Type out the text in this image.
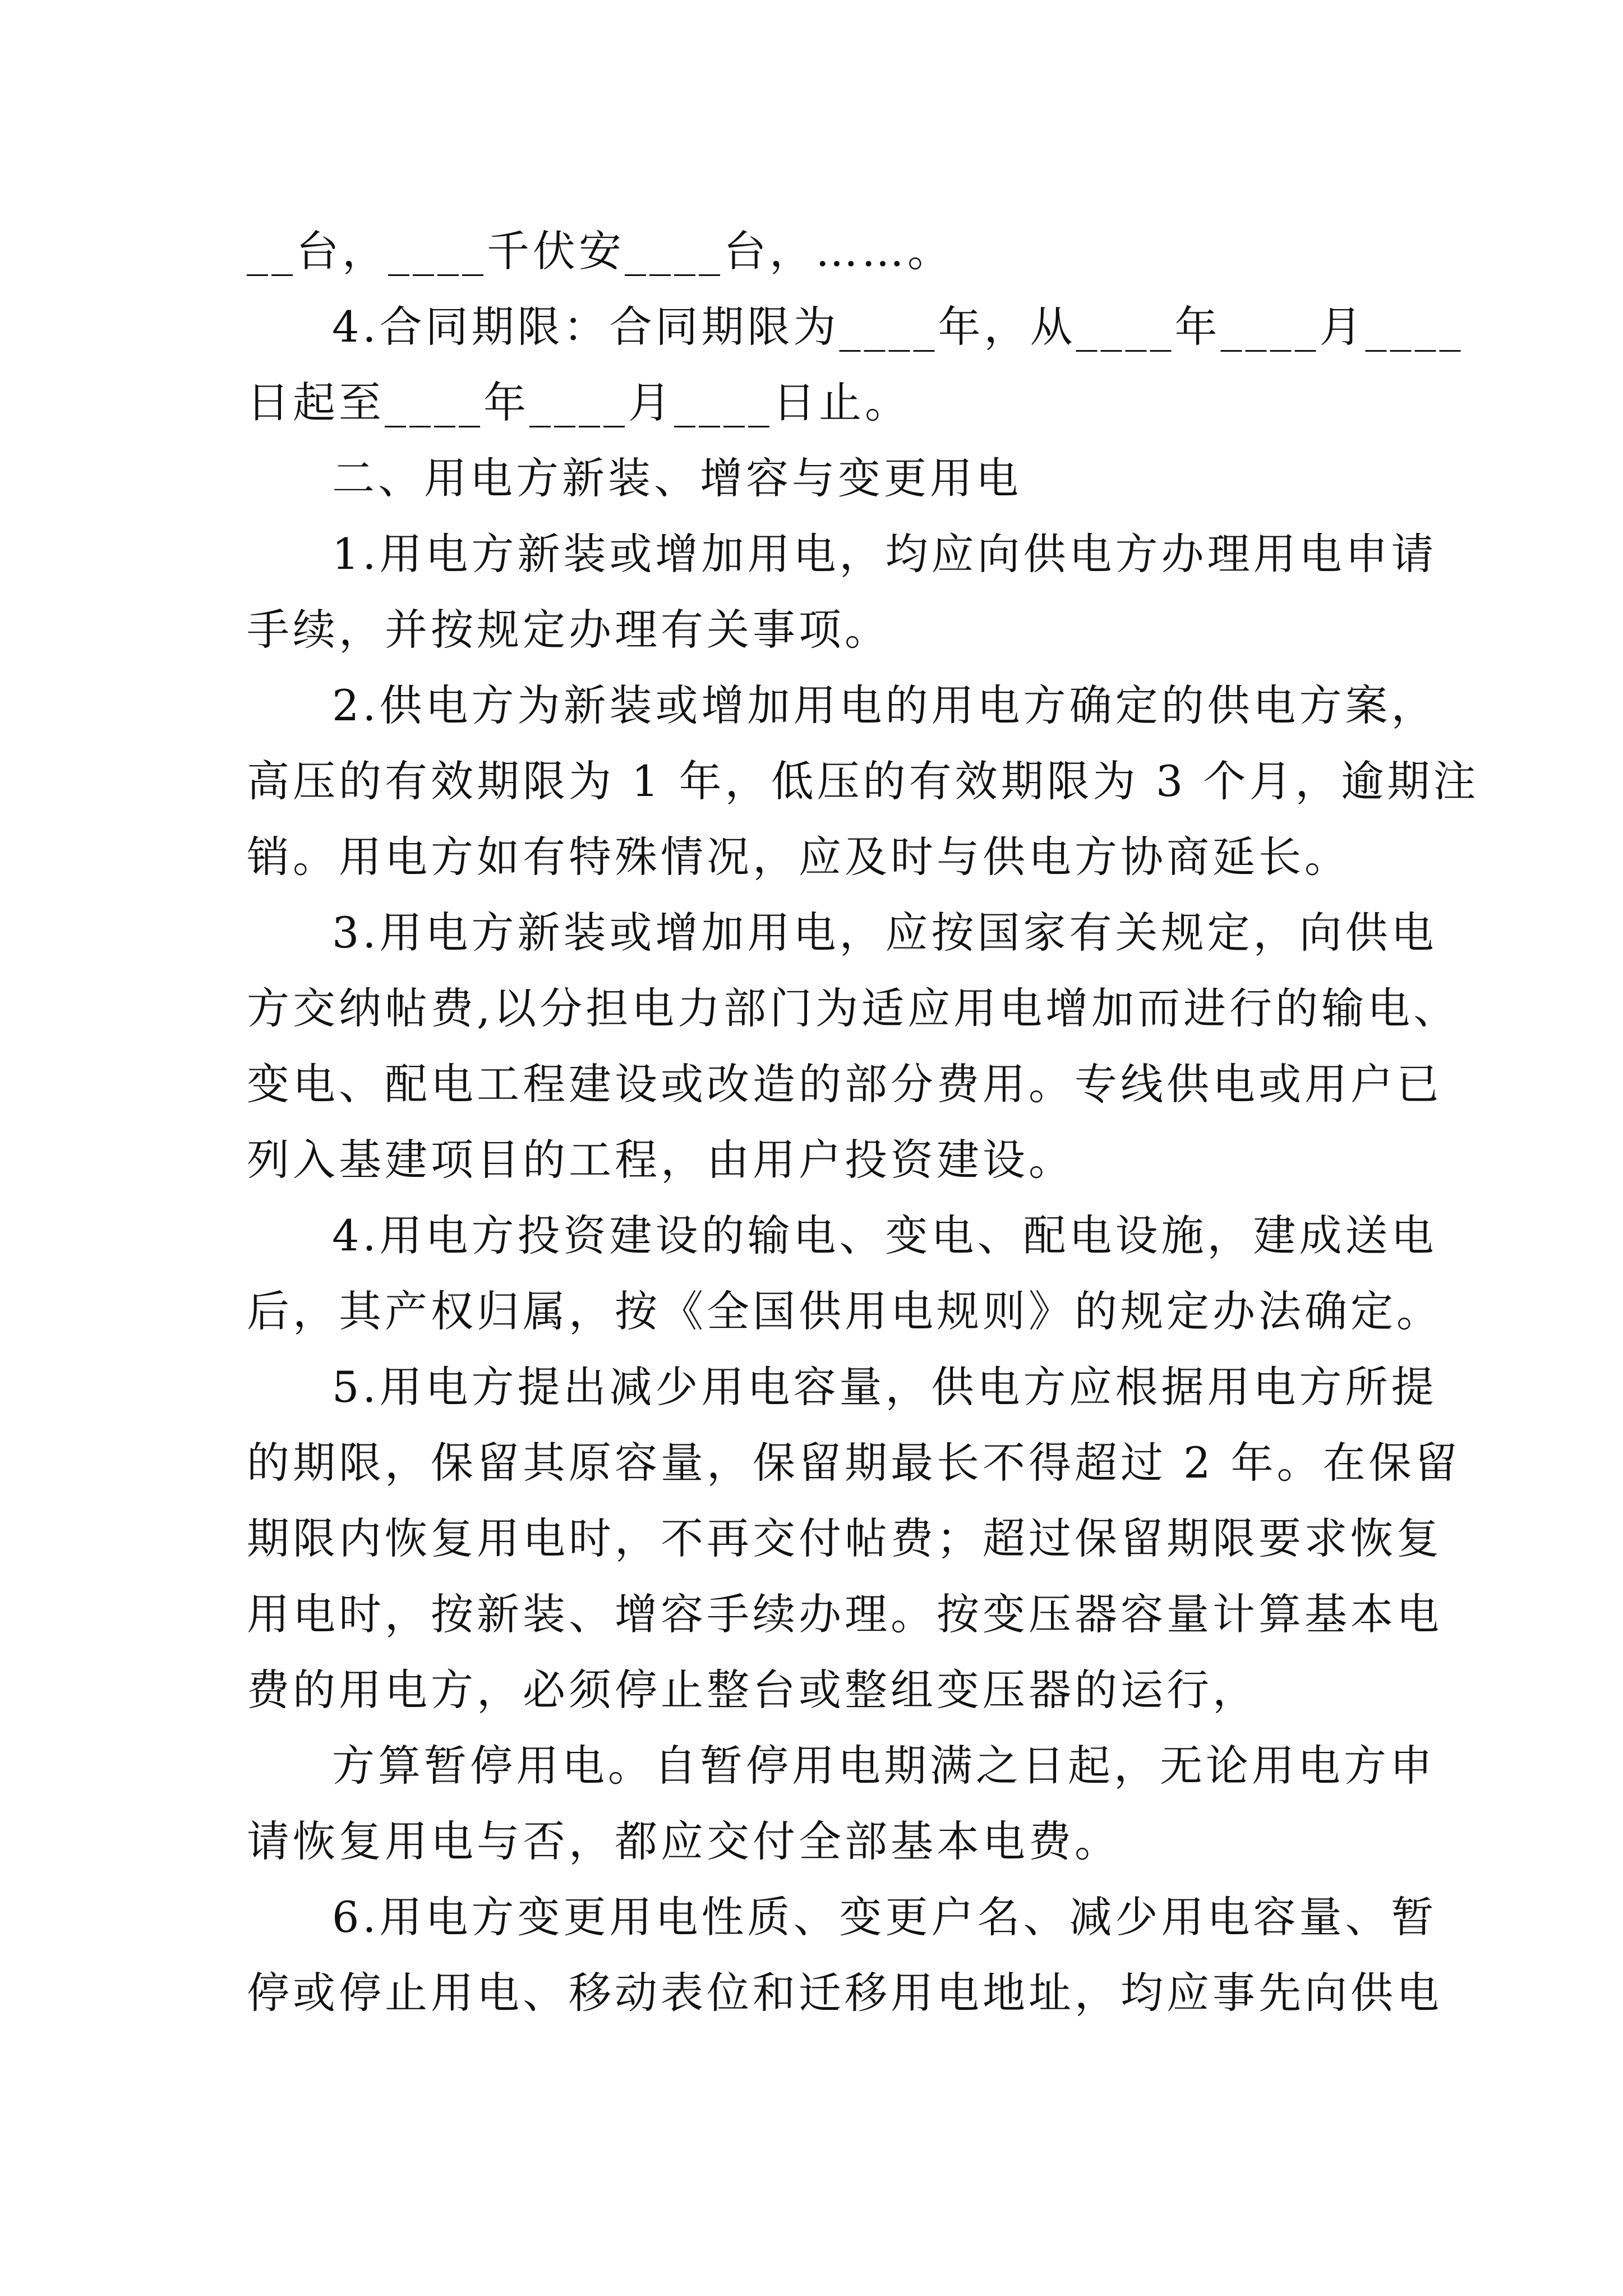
__台，____千伏安____台，……。
4.合同期限：合同期限为____年，从____年____月____
日起至____年____月____日止。
二、用电方新装、增容与变更用电
1.用电方新装或增加用电，均应向供电方办理用电申请
手续，并按规定办理有关事项。
2.供电方为新装或增加用电的用电方确定的供电方案，
高压的有效期限为 1 年，低压的有效期限为 3 个月，逾期注
销。用电方如有特殊情况，应及时与供电方协商延长。
3.用电方新装或增加用电，应按国家有关规定，向供电
方交纳帖费,以分担电力部门为适应用电增加而进行的输电、
变电、配电工程建设或改造的部分费用。专线供电或用户已
列入基建项目的工程，由用户投资建设。
4.用电方投资建设的输电、变电、配电设施，建成送电
后，其产权归属，按《全国供用电规则》的规定办法确定。
5.用电方提出减少用电容量，供电方应根据用电方所提
的期限，保留其原容量，保留期最长不得超过 2 年。在保留
期限内恢复用电时，不再交付帖费；超过保留期限要求恢复
用电时，按新装、增容手续办理。按变压器容量计算基本电
费的用电方，必须停止整台或整组变压器的运行，
方算暂停用电。自暂停用电期满之日起，无论用电方申
请恢复用电与否，都应交付全部基本电费。
6.用电方变更用电性质、变更户名、减少用电容量、暂
停或停止用电、移动表位和迁移用电地址，均应事先向供电
